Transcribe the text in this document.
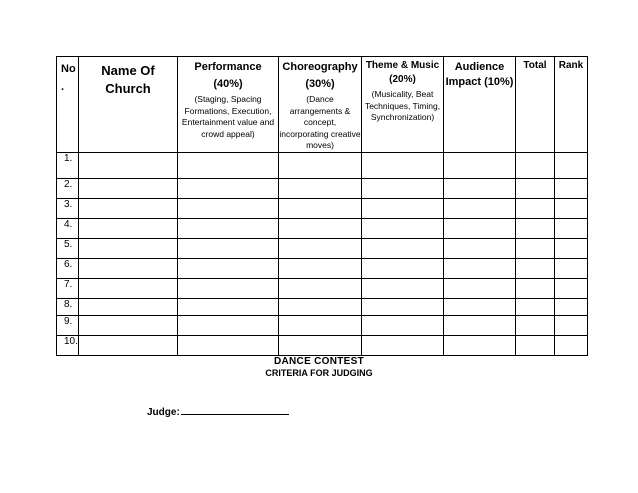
No .	Name Of Church	Performance
(40%)
(Staging, Spacing Formations, Execution, Entertainment value and crowd appeal)	Choreography
(30%)
(Dance arrangements & concept, incorporating creative moves)	Theme & Music (20%)
(Musicality, Beat Techniques, Timing, Synchronization)	Audience Impact (10%)	Total	Rank
1.							
2.							
3.							
4.							
5.							
6.							
7.							
8.							
9.							
10.							
DANCE CONTEST
CRITERIA FOR JUDGING
Judge:
